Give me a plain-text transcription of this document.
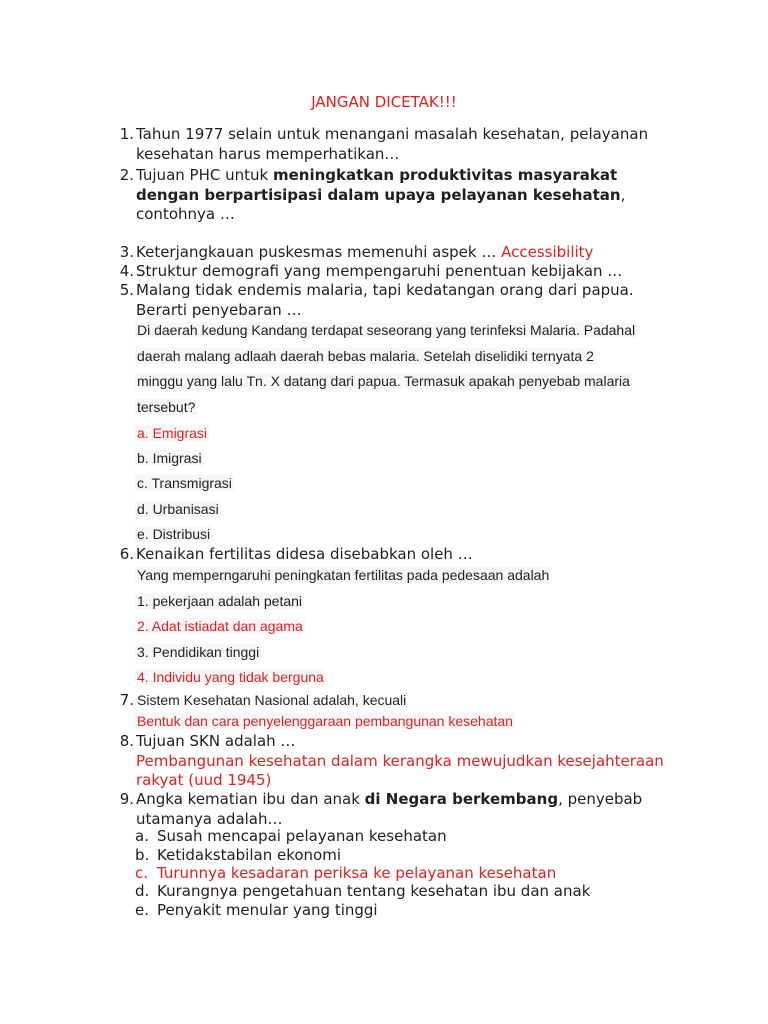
JANGAN DICETAK!!!
1. Tahun 1977 selain untuk menangani masalah kesehatan, pelayanan
kesehatan harus memperhatikan…
2. Tujuan PHC untuk meningkatkan produktivitas masyarakat
dengan berpartisipasi dalam upaya pelayanan kesehatan,
contohnya …
3. Keterjangkauan puskesmas memenuhi aspek … Accessibility
4. Struktur demografi yang mempengaruhi penentuan kebijakan …
5. Malang tidak endemis malaria, tapi kedatangan orang dari papua.
Berarti penyebaran …
Di daerah kedung Kandang terdapat seseorang yang terinfeksi Malaria. Padahal
daerah malang adlaah daerah bebas malaria. Setelah diselidiki ternyata 2
minggu yang lalu Tn. X datang dari papua. Termasuk apakah penyebab malaria
tersebut?
a. Emigrasi
b. Imigrasi
c. Transmigrasi
d. Urbanisasi
e. Distribusi
6. Kenaikan fertilitas didesa disebabkan oleh …
Yang memperngaruhi peningkatan fertilitas pada pedesaan adalah
1. pekerjaan adalah petani
2. Adat istiadat dan agama
3. Pendidikan tinggi
4. Individu yang tidak berguna
7. Sistem Kesehatan Nasional adalah, kecuali
Bentuk dan cara penyelenggaraan pembangunan kesehatan
8. Tujuan SKN adalah …
Pembangunan kesehatan dalam kerangka mewujudkan kesejahteraan
rakyat (uud 1945)
9. Angka kematian ibu dan anak di Negara berkembang, penyebab
utamanya adalah…
a. Susah mencapai pelayanan kesehatan
b. Ketidakstabilan ekonomi
c. Turunnya kesadaran periksa ke pelayanan kesehatan
d. Kurangnya pengetahuan tentang kesehatan ibu dan anak
e. Penyakit menular yang tinggi
